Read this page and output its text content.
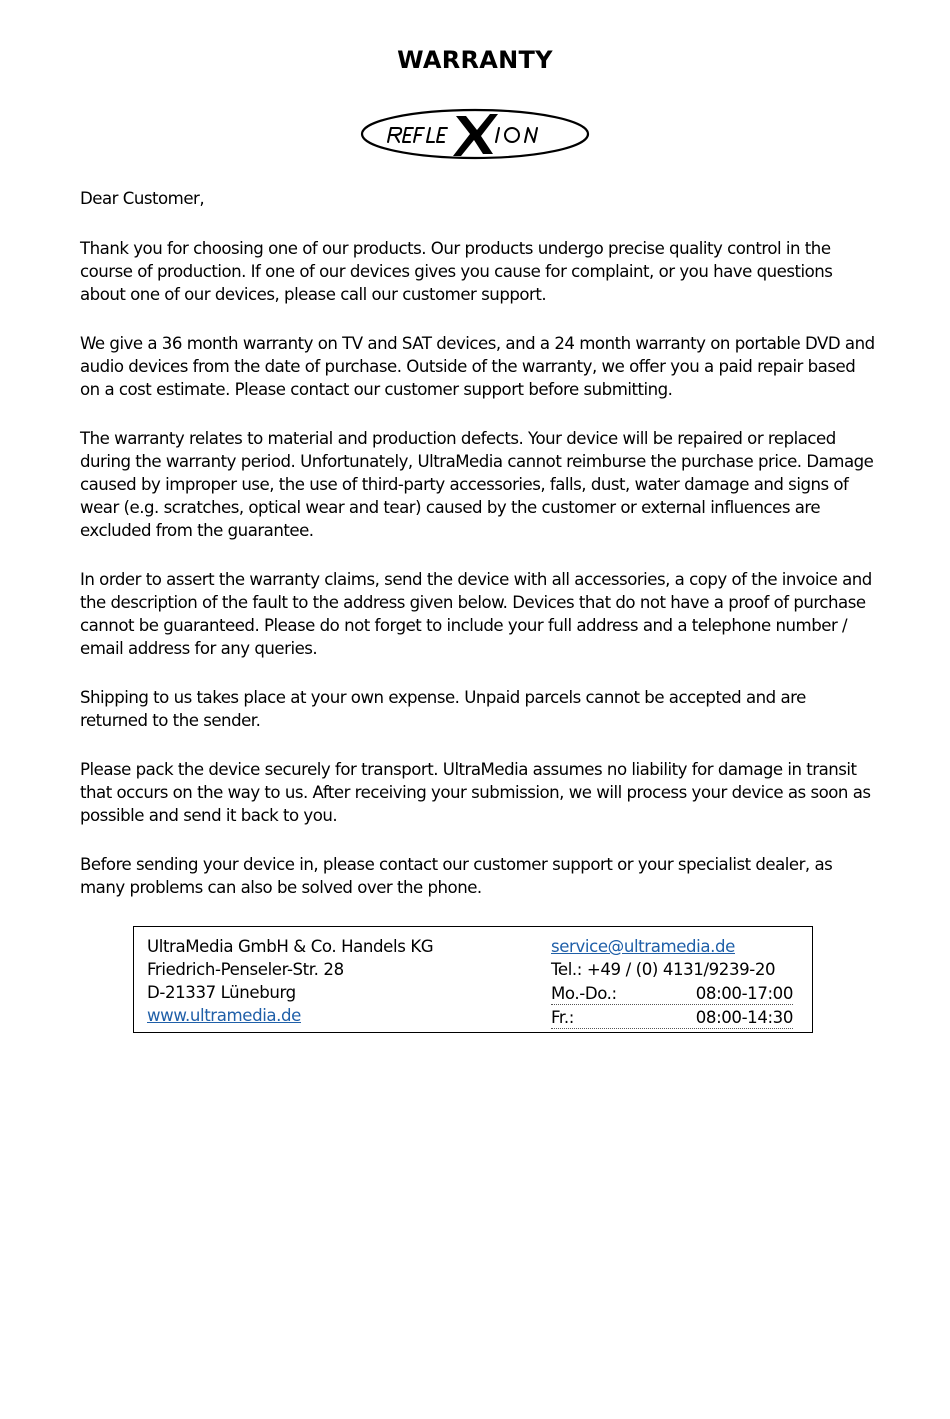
WARRANTY

Dear Customer,

Thank you for choosing one of our products. Our products undergo precise quality control in the course of production. If one of our devices gives you cause for complaint, or you have questions about one of our devices, please call our customer support.

We give a 36 month warranty on TV and SAT devices, and a 24 month warranty on portable DVD and audio devices from the date of purchase. Outside of the warranty, we offer you a paid repair based on a cost estimate. Please contact our customer support before submitting.

The warranty relates to material and production defects. Your device will be repaired or replaced during the warranty period. Unfortunately, UltraMedia cannot reimburse the purchase price. Damage caused by improper use, the use of third-party accessories, falls, dust, water damage and signs of wear (e.g. scratches, optical wear and tear) caused by the customer or external influences are excluded from the guarantee.

In order to assert the warranty claims, send the device with all accessories, a copy of the invoice and the description of the fault to the address given below. Devices that do not have a proof of purchase cannot be guaranteed. Please do not forget to include your full address and a telephone number / email address for any queries.

Shipping to us takes place at your own expense. Unpaid parcels cannot be accepted and are returned to the sender.

Please pack the device securely for transport. UltraMedia assumes no liability for damage in transit that occurs on the way to us. After receiving your submission, we will process your device as soon as possible and send it back to you.

Before sending your device in, please contact our customer support or your specialist dealer, as many problems can also be solved over the phone.

UltraMedia GmbH & Co. Handels KG
Friedrich-Penseler-Str. 28
D-21337 Lüneburg
www.ultramedia.de
service@ultramedia.de
Tel.: +49 / (0) 4131/9239-20
Mo.-Do.:	08:00-17:00
Fr.:	08:00-14:30
